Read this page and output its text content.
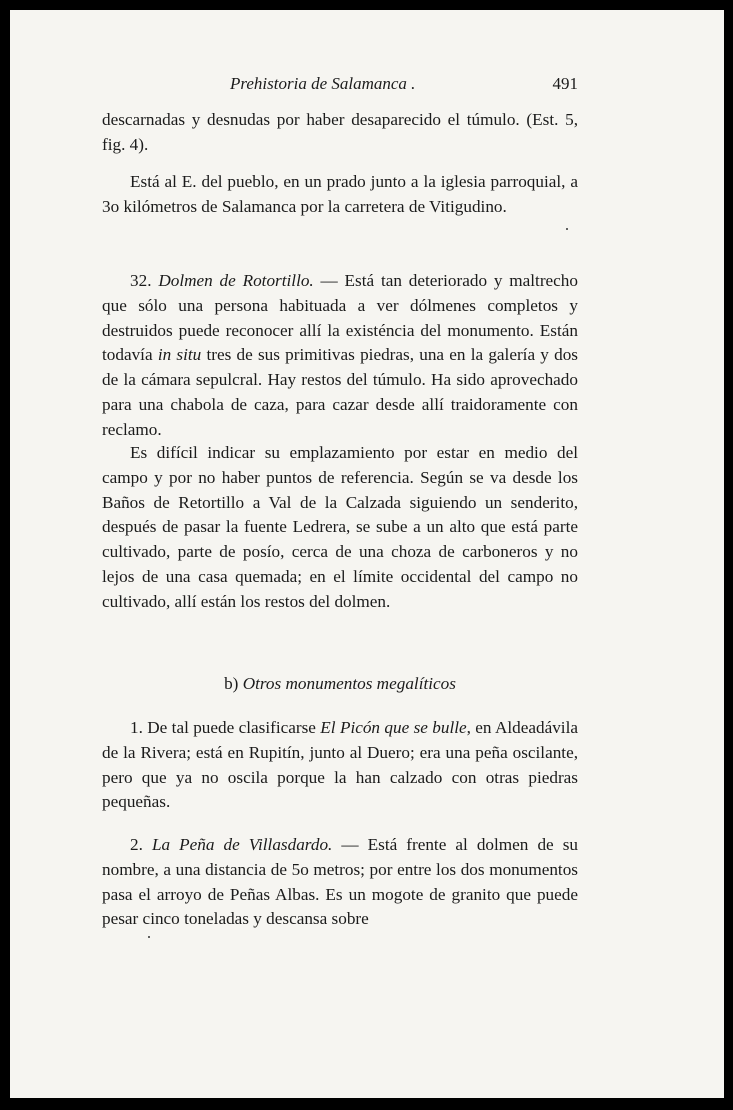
Prehistoria de Salamanca .	491
descarnadas y desnudas por haber desaparecido el túmulo. (Est. 5, fig. 4).
Está al E. del pueblo, en un prado junto a la iglesia parroquial, a 3o kilómetros de Salamanca por la carretera de Vitigudino.
32. Dolmen de Rotortillo. — Está tan deteriorado y maltrecho que sólo una persona habituada a ver dólmenes completos y destruidos puede reconocer allí la existéncia del monumento. Están todavía in situ tres de sus primitivas piedras, una en la galería y dos de la cámara sepulcral. Hay restos del túmulo. Ha sido aprovechado para una chabola de caza, para cazar desde allí traidoramente con reclamo.
Es difícil indicar su emplazamiento por estar en medio del campo y por no haber puntos de referencia. Según se va desde los Baños de Retortillo a Val de la Calzada siguiendo un senderito, después de pasar la fuente Ledrera, se sube a un alto que está parte cultivado, parte de posío, cerca de una choza de carboneros y no lejos de una casa quemada; en el límite occidental del campo no cultivado, allí están los restos del dolmen.
b) Otros monumentos megalíticos
1. De tal puede clasificarse El Picón que se bulle, en Aldeadávila de la Rivera; está en Rupitín, junto al Duero; era una peña oscilante, pero que ya no oscila porque la han calzado con otras piedras pequeñas.
2. La Peña de Villasdardo. — Está frente al dolmen de su nombre, a una distancia de 5o metros; por entre los dos monumentos pasa el arroyo de Peñas Albas. Es un mogote de granito que puede pesar cinco toneladas y descansa sobre
